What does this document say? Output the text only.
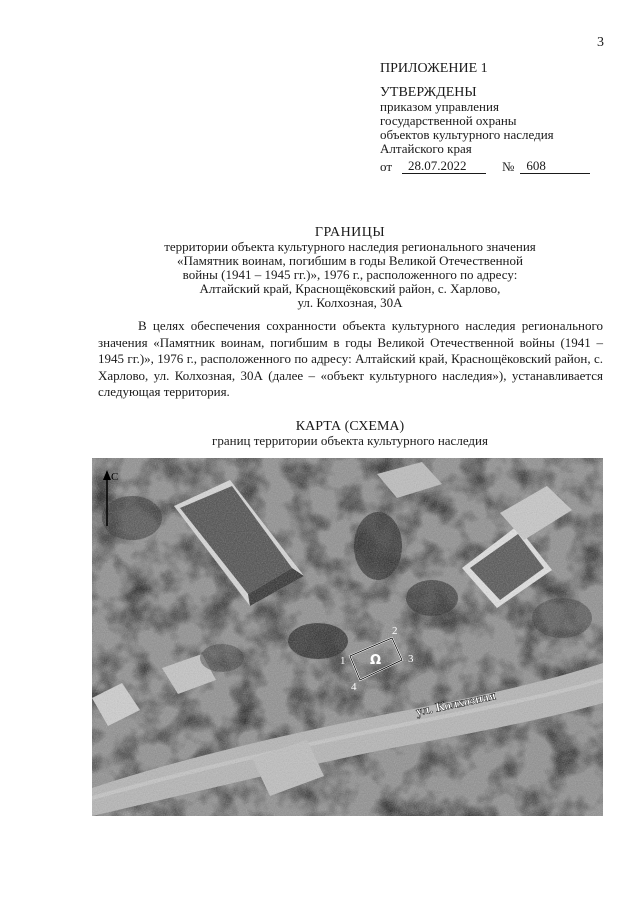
3
ПРИЛОЖЕНИЕ 1
УТВЕРЖДЕНЫ
приказом управления
государственной охраны
объектов культурного наследия
Алтайского края
от	28.07.2022	№ 608
ГРАНИЦЫ
территории объекта культурного наследия регионального значения
«Памятник воинам, погибшим в годы Великой Отечественной
войны (1941 – 1945 гг.)», 1976 г., расположенного по адресу:
Алтайский край, Краснощёковский район, с. Харлово,
ул. Колхозная, 30А
В целях обеспечения сохранности объекта культурного наследия регионального значения «Памятник воинам, погибшим в годы Великой Отечественной войны (1941 – 1945 гг.)», 1976 г., расположенного по адресу: Алтайский край, Краснощёковский район, с. Харлово, ул. Колхозная, 30А (далее – «объект культурного наследия»), устанавливается следующая территория.
КАРТА (СХЕМА)
границ территории объекта культурного наследия
С
Ω
1
2
3
4
ул. Колхозная
